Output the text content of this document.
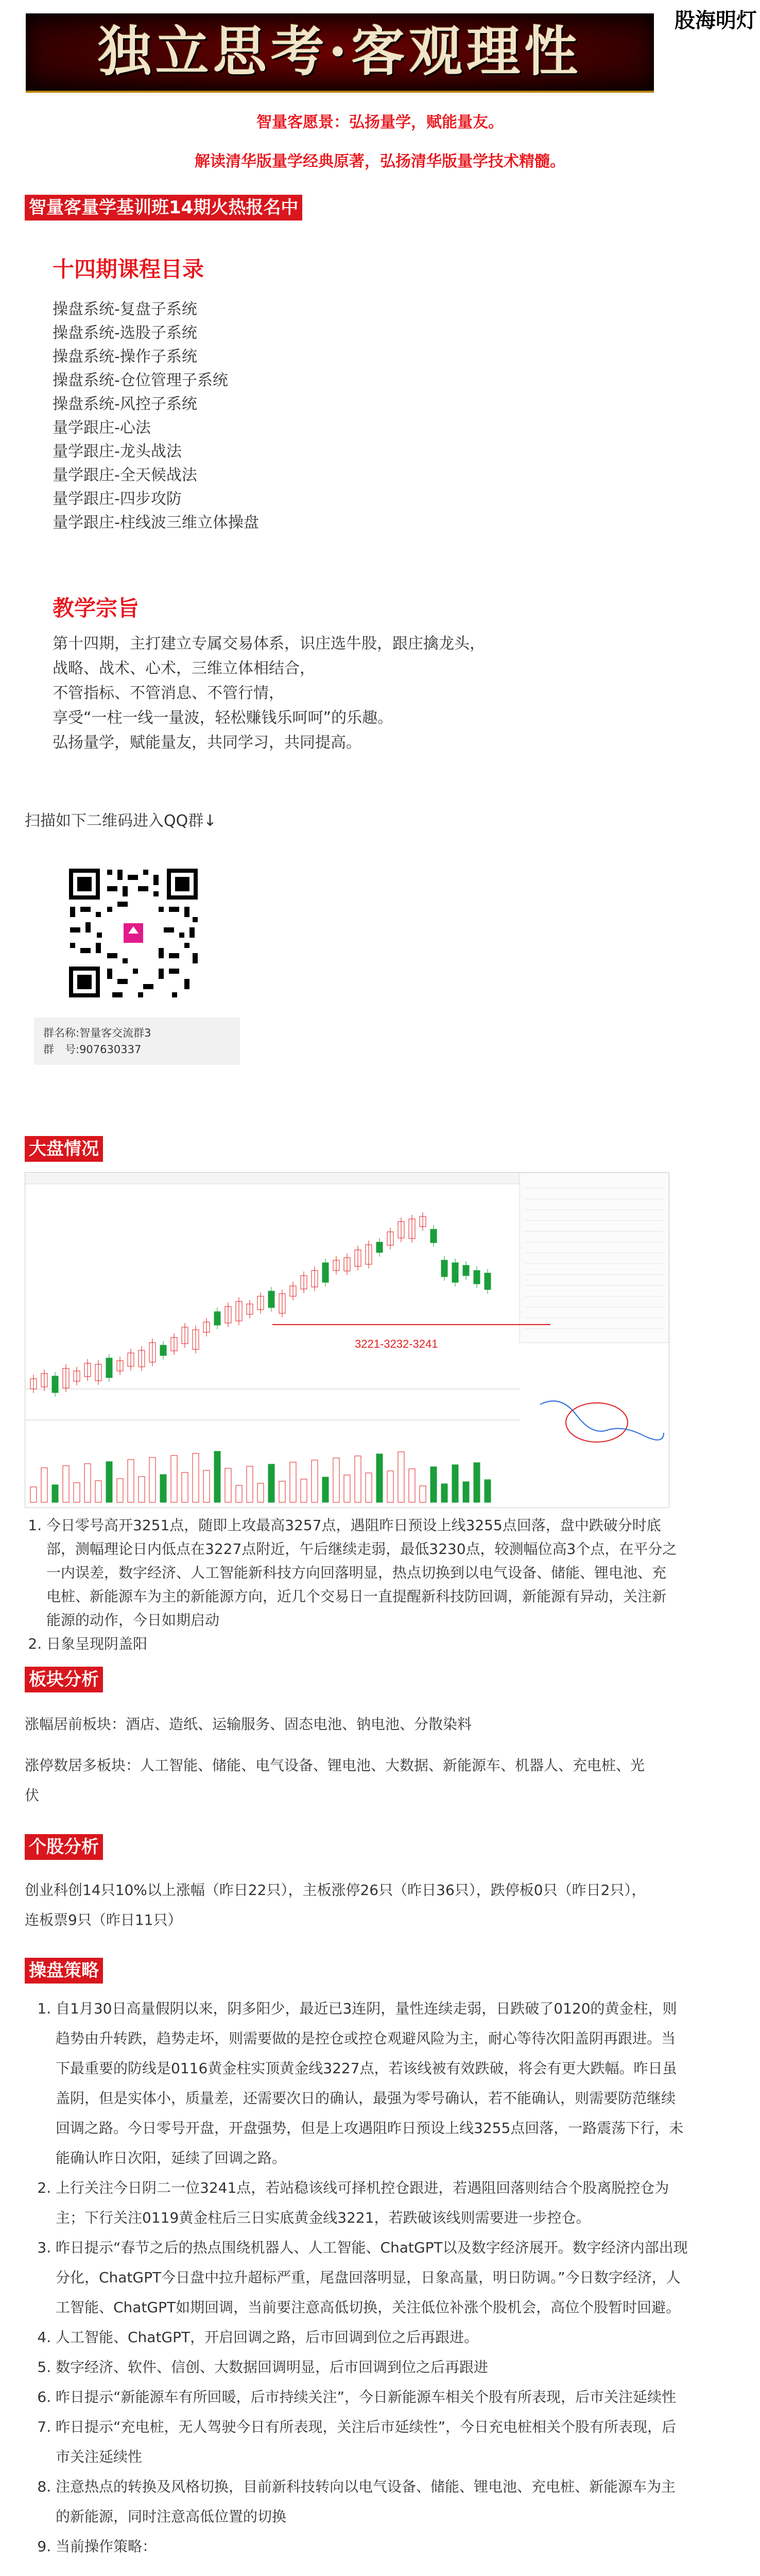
独立思考·客观理性	股海明灯
智量客愿景：弘扬量学，赋能量友。
解读清华版量学经典原著，弘扬清华版量学技术精髓。
智量客量学基训班14期火热报名中
十四期课程目录
操盘系统-复盘子系统
操盘系统-选股子系统
操盘系统-操作子系统
操盘系统-仓位管理子系统
操盘系统-风控子系统
量学跟庄-心法
量学跟庄-龙头战法
量学跟庄-全天候战法
量学跟庄-四步攻防
量学跟庄-柱线波三维立体操盘
教学宗旨
第十四期，主打建立专属交易体系，识庄选牛股，跟庄擒龙头，
战略、战术、心术，三维立体相结合，
不管指标、不管消息、不管行情，
享受“一柱一线一量波，轻松赚钱乐呵呵”的乐趣。
弘扬量学，赋能量友，共同学习，共同提高。
扫描如下二维码进入QQ群↓
群名称:智量客交流群3
群　号:907630337
大盘情况
3221-3232-3241
1. 今日零号高开3251点，随即上攻最高3257点，遇阻昨日预设上线3255点回落，盘中跌破分时底部，测幅理论日内低点在3227点附近，午后继续走弱，最低3230点，较测幅位高3个点，在平分之一内误差，数字经济、人工智能新科技方向回落明显，热点切换到以电气设备、储能、锂电池、充电桩、新能源车为主的新能源方向，近几个交易日一直提醒新科技防回调，新能源有异动，关注新能源的动作，今日如期启动
2. 日象呈现阴盖阳
板块分析
涨幅居前板块：酒店、造纸、运输服务、固态电池、钠电池、分散染料
涨停数居多板块：人工智能、储能、电气设备、锂电池、大数据、新能源车、机器人、充电桩、光伏
个股分析
创业科创14只10%以上涨幅（昨日22只），主板涨停26只（昨日36只），跌停板0只（昨日2只），连板票9只（昨日11只）
操盘策略
1. 自1月30日高量假阴以来，阴多阳少，最近已3连阴，量性连续走弱，日跌破了0120的黄金柱，则趋势由升转跌，趋势走坏，则需要做的是控仓或控仓观避风险为主，耐心等待次阳盖阴再跟进。当下最重要的防线是0116黄金柱实顶黄金线3227点，若该线被有效跌破，将会有更大跌幅。昨日虽盖阴，但是实体小，质量差，还需要次日的确认，最强为零号确认，若不能确认，则需要防范继续回调之路。今日零号开盘，开盘强势，但是上攻遇阻昨日预设上线3255点回落，一路震荡下行，未能确认昨日次阳，延续了回调之路。
2. 上行关注今日阴二一位3241点，若站稳该线可择机控仓跟进，若遇阻回落则结合个股离脱控仓为主；下行关注0119黄金柱后三日实底黄金线3221，若跌破该线则需要进一步控仓。
3. 昨日提示“春节之后的热点围绕机器人、人工智能、ChatGPT以及数字经济展开。数字经济内部出现分化，ChatGPT今日盘中拉升超标严重，尾盘回落明显，日象高量，明日防调。”今日数字经济，人工智能、ChatGPT如期回调，当前要注意高低切换，关注低位补涨个股机会，高位个股暂时回避。
4. 人工智能、ChatGPT，开启回调之路，后市回调到位之后再跟进。
5. 数字经济、软件、信创、大数据回调明显，后市回调到位之后再跟进
6. 昨日提示“新能源车有所回暖，后市持续关注”，今日新能源车相关个股有所表现，后市关注延续性
7. 昨日提示“充电桩，无人驾驶今日有所表现，关注后市延续性”，今日充电桩相关个股有所表现，后市关注延续性
8. 注意热点的转换及风格切换，目前新科技转向以电气设备、储能、锂电池、充电桩、新能源车为主的新能源，同时注意高低位置的切换
9. 当前操作策略：
